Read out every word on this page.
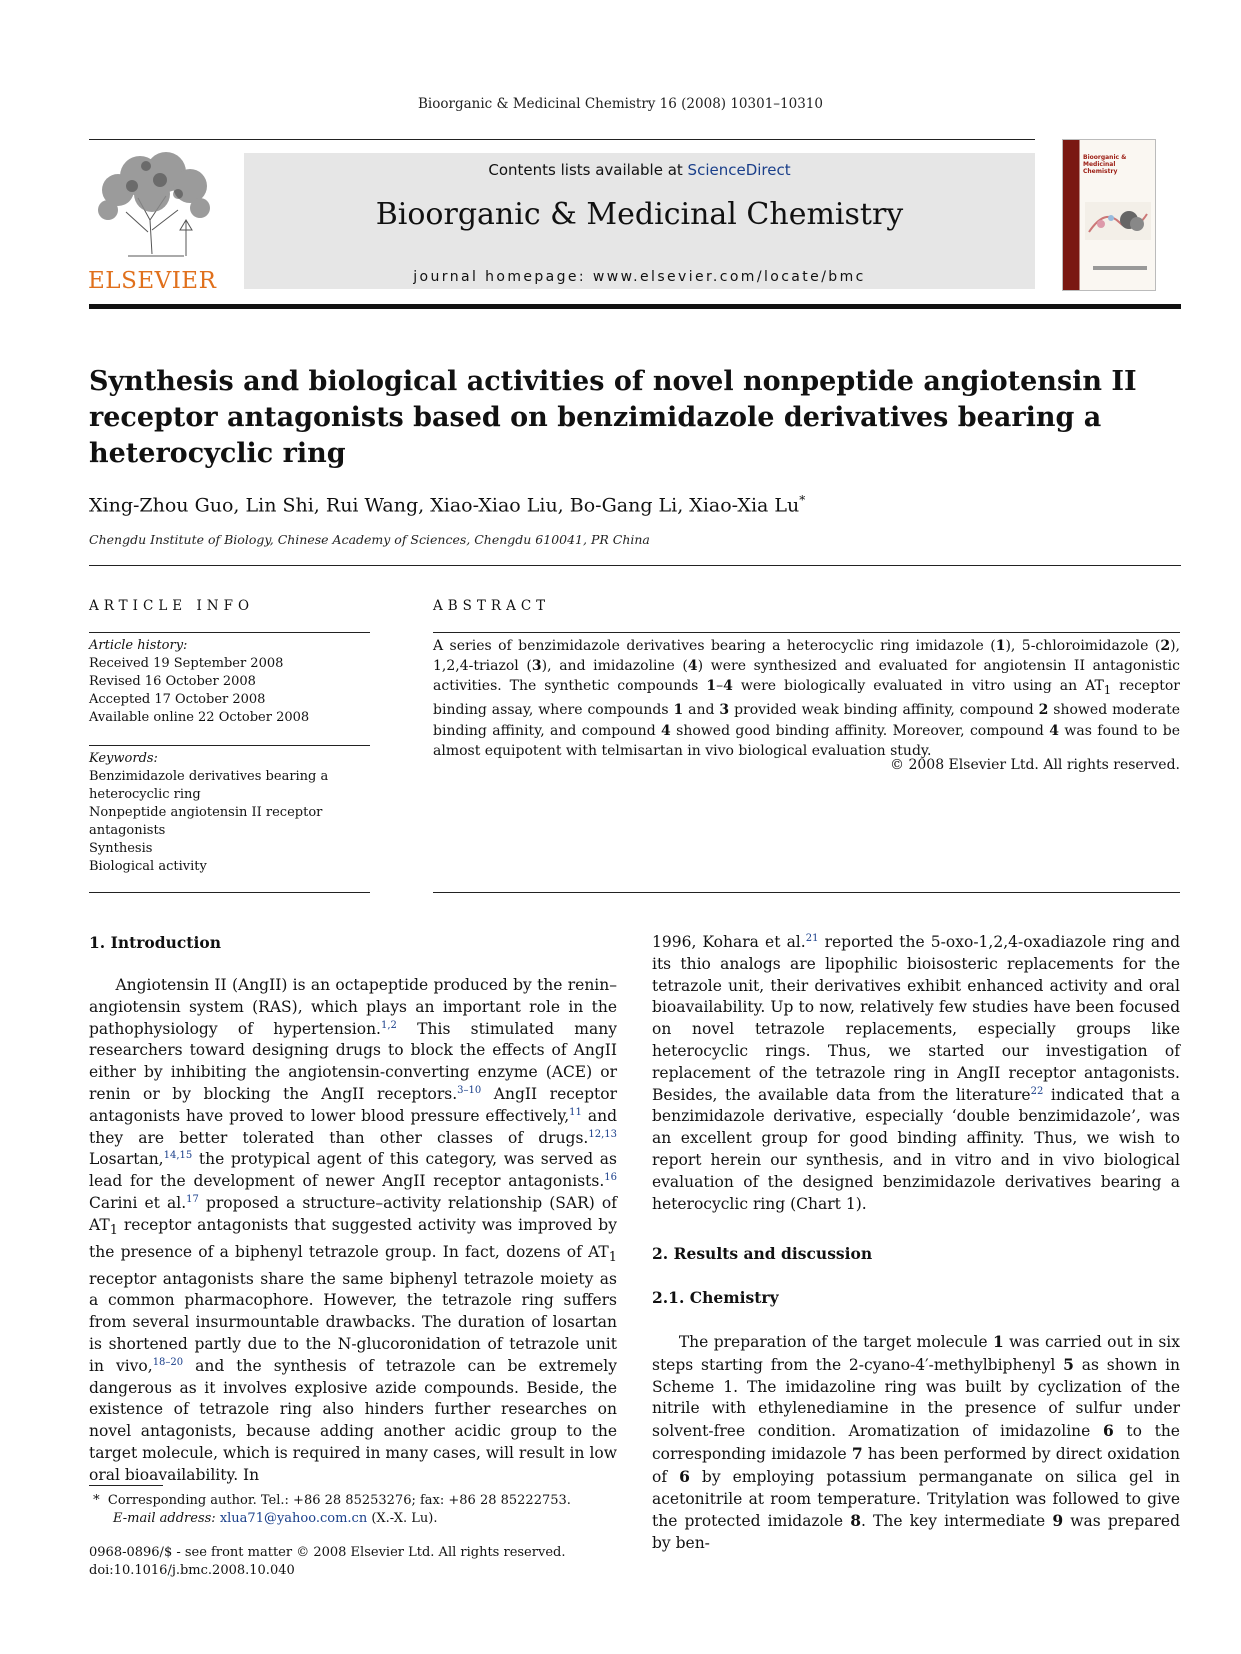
Bioorganic & Medicinal Chemistry 16 (2008) 10301–10310
ELSEVIER
Contents lists available at ScienceDirect
Bioorganic & Medicinal Chemistry
journal homepage: www.elsevier.com/locate/bmc
Bioorganic & Medicinal Chemistry
Synthesis and biological activities of novel nonpeptide angiotensin II receptor antagonists based on benzimidazole derivatives bearing a heterocyclic ring
Xing-Zhou Guo, Lin Shi, Rui Wang, Xiao-Xiao Liu, Bo-Gang Li, Xiao-Xia Lu*
Chengdu Institute of Biology, Chinese Academy of Sciences, Chengdu 610041, PR China
ARTICLE INFO
Article history:
Received 19 September 2008
Revised 16 October 2008
Accepted 17 October 2008
Available online 22 October 2008
Keywords:
Benzimidazole derivatives bearing a
heterocyclic ring
Nonpeptide angiotensin II receptor
antagonists
Synthesis
Biological activity
ABSTRACT

A series of benzimidazole derivatives bearing a heterocyclic ring imidazole (1), 5-chloroimidazole (2), 1,2,4-triazol (3), and imidazoline (4) were synthesized and evaluated for angiotensin II antagonistic activities. The synthetic compounds 1–4 were biologically evaluated in vitro using an $AT_1$ receptor binding assay, where compounds 1 and 3 provided weak binding affinity, compound 2 showed moderate binding affinity, and compound 4 showed good binding affinity. Moreover, compound 4 was found to be almost equipotent with telmisartan in vivo biological evaluation study.

© 2008 Elsevier Ltd. All rights reserved.
1. Introduction

Angiotensin II (AngII) is an octapeptide produced by the renin–angiotensin system (RAS), which plays an important role in the pathophysiology of hypertension.$^{1,2}$ This stimulated many researchers toward designing drugs to block the effects of AngII either by inhibiting the angiotensin-converting enzyme (ACE) or renin or by blocking the AngII receptors.$^{3-10}$ AngII receptor antagonists have proved to lower blood pressure effectively,$^{11}$ and they are better tolerated than other classes of drugs.$^{12,13}$ Losartan,$^{14,15}$ the protypical agent of this category, was served as lead for the development of newer AngII receptor antagonists.$^{16}$ Carini et al.$^{17}$ proposed a structure–activity relationship (SAR) of $AT_1$ receptor antagonists that suggested activity was improved by the presence of a biphenyl tetrazole group. In fact, dozens of $AT_1$ receptor antagonists share the same biphenyl tetrazole moiety as a common pharmacophore. However, the tetrazole ring suffers from several insurmountable drawbacks. The duration of losartan is shortened partly due to the N-glucoronidation of tetrazole unit in vivo,$^{18-20}$ and the synthesis of tetrazole can be extremely dangerous as it involves explosive azide compounds. Beside, the existence of tetrazole ring also hinders further researches on novel antagonists, because adding another acidic group to the target molecule, which is required in many cases, will result in low oral bioavailability. In

1996, Kohara et al.$^{21}$ reported the 5-oxo-1,2,4-oxadiazole ring and its thio analogs are lipophilic bioisosteric replacements for the tetrazole unit, their derivatives exhibit enhanced activity and oral bioavailability. Up to now, relatively few studies have been focused on novel tetrazole replacements, especially groups like heterocyclic rings. Thus, we started our investigation of replacement of the tetrazole ring in AngII receptor antagonists. Besides, the available data from the literature$^{22}$ indicated that a benzimidazole derivative, especially ‘double benzimidazole’, was an excellent group for good binding affinity. Thus, we wish to report herein our synthesis, and in vitro and in vivo biological evaluation of the designed benzimidazole derivatives bearing a heterocyclic ring (Chart 1).

2. Results and discussion
2.1. Chemistry

The preparation of the target molecule 1 was carried out in six steps starting from the 2-cyano-4′-methylbiphenyl 5 as shown in Scheme 1. The imidazoline ring was built by cyclization of the nitrile with ethylenediamine in the presence of sulfur under solvent-free condition. Aromatization of imidazoline 6 to the corresponding imidazole 7 has been performed by direct oxidation of 6 by employing potassium permanganate on silica gel in acetonitrile at room temperature. Tritylation was followed to give the protected imidazole 8. The key intermediate 9 was prepared by ben-

*  Corresponding author. Tel.: +86 28 85253276; fax: +86 28 85222753.
E-mail address: xlua71@yahoo.com.cn (X.-X. Lu).
0968-0896/$ - see front matter © 2008 Elsevier Ltd. All rights reserved.
doi:10.1016/j.bmc.2008.10.040
